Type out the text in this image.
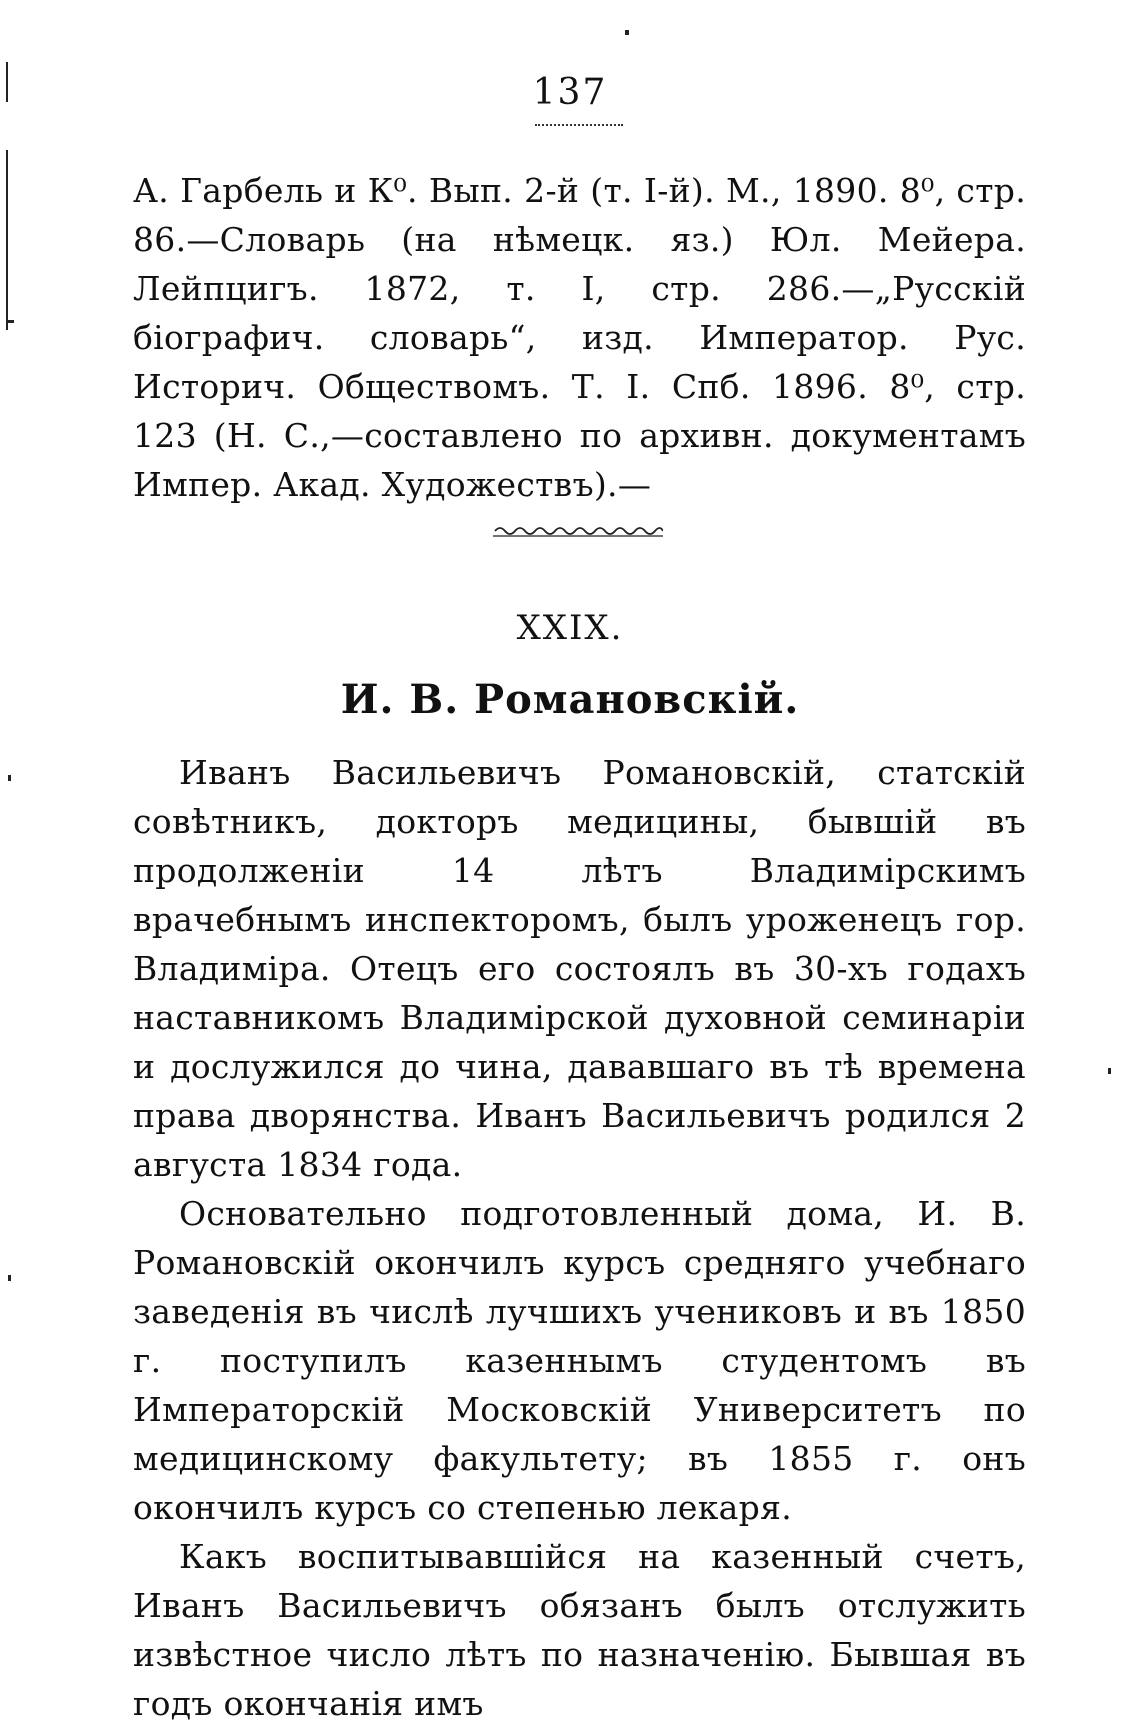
137

А. Гарбель и К⁰. Вып. 2-й (т. I-й). М., 1890. 8⁰, стр. 86.—Словарь (на нѣмецк. яз.) Юл. Мейера. Лейпцигъ. 1872, т. I, стр. 286.—„Русскій біографич. словарь“, изд. Император. Рус. Историч. Обществомъ. Т. I. Спб. 1896. 8⁰, стр. 123 (Н. С.,—составлено по архивн. документамъ Импер. Акад. Художествъ).—

XXIX.
И. В. Романовскій.

Иванъ Васильевичъ Романовскій, статскій совѣтникъ, докторъ медицины, бывшій въ продолженіи 14 лѣтъ Владимірскимъ врачебнымъ инспекторомъ, былъ уроженецъ гор. Владиміра. Отецъ его состоялъ въ 30-хъ годахъ наставникомъ Владимірской духовной семинаріи и дослужился до чина, дававшаго въ тѣ времена права дворянства. Иванъ Васильевичъ родился 2 августа 1834 года.

Основательно подготовленный дома, И. В. Романовскій окончилъ курсъ средняго учебнаго заведенія въ числѣ лучшихъ учениковъ и въ 1850 г. поступилъ казеннымъ студентомъ въ Императорскій Московскій Университетъ по медицинскому факультету; въ 1855 г. онъ окончилъ курсъ со степенью лекаря.

Какъ воспитывавшійся на казенный счетъ, Иванъ Васильевичъ обязанъ былъ отслужить извѣстное число лѣтъ по назначенію. Бывшая въ годъ окончанія имъ
